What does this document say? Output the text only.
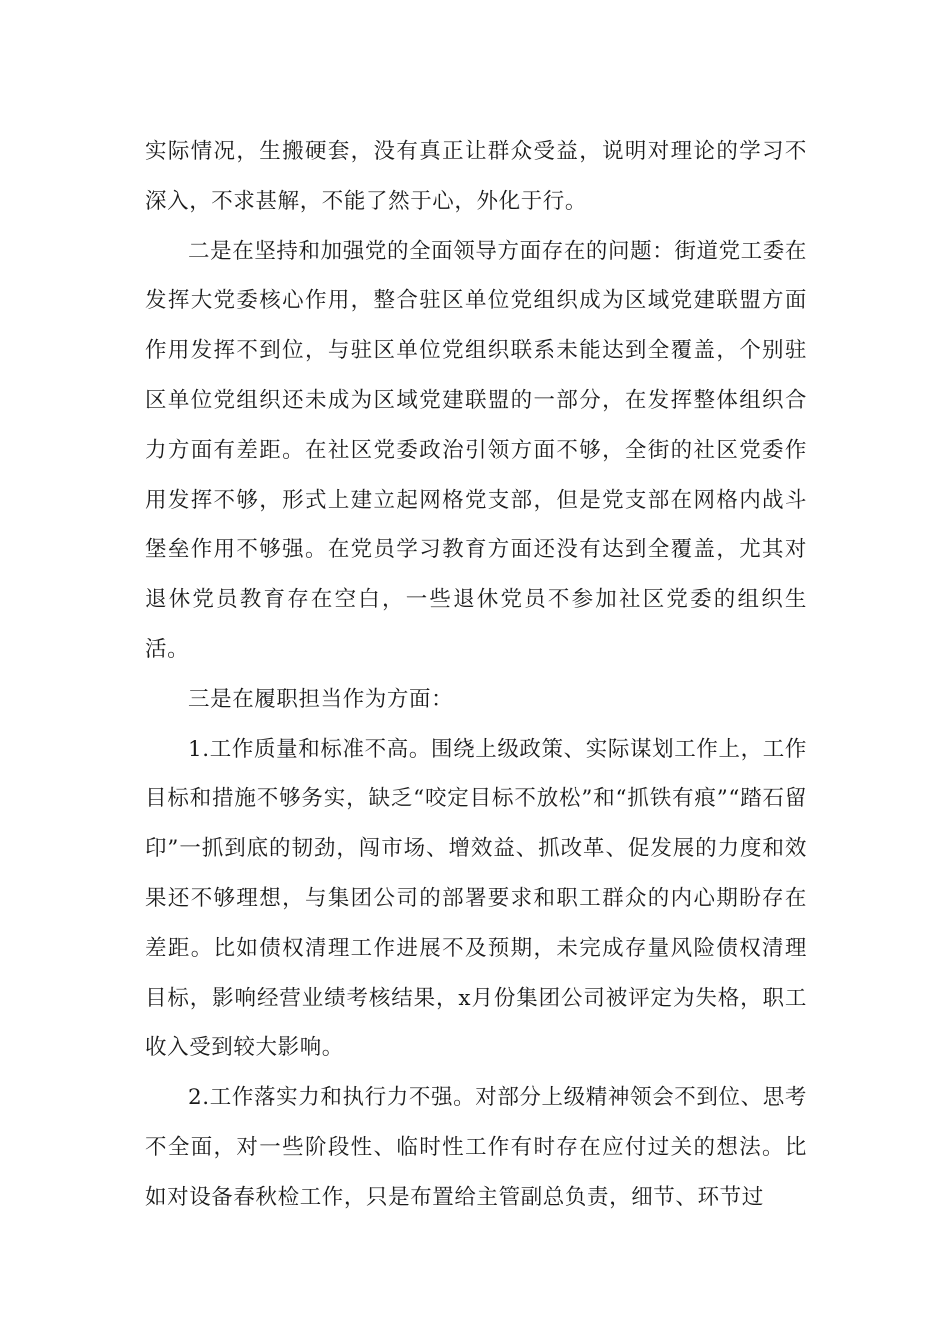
实际情况，生搬硬套，没有真正让群众受益，说明对理论的学习不深入，不求甚解，不能了然于心，外化于行。

二是在坚持和加强党的全面领导方面存在的问题：街道党工委在发挥大党委核心作用，整合驻区单位党组织成为区域党建联盟方面作用发挥不到位，与驻区单位党组织联系未能达到全覆盖，个别驻区单位党组织还未成为区域党建联盟的一部分，在发挥整体组织合力方面有差距。在社区党委政治引领方面不够，全街的社区党委作用发挥不够，形式上建立起网格党支部，但是党支部在网格内战斗堡垒作用不够强。在党员学习教育方面还没有达到全覆盖，尤其对退休党员教育存在空白，一些退休党员不参加社区党委的组织生活。

三是在履职担当作为方面：

1.工作质量和标准不高。围绕上级政策、实际谋划工作上，工作目标和措施不够务实，缺乏“咬定目标不放松”和“抓铁有痕”“踏石留印”一抓到底的韧劲，闯市场、增效益、抓改革、促发展的力度和效果还不够理想，与集团公司的部署要求和职工群众的内心期盼存在差距。比如债权清理工作进展不及预期，未完成存量风险债权清理目标，影响经营业绩考核结果，x月份集团公司被评定为失格，职工收入受到较大影响。

2.工作落实力和执行力不强。对部分上级精神领会不到位、思考不全面，对一些阶段性、临时性工作有时存在应付过关的想法。比如对设备春秋检工作，只是布置给主管副总负责，细节、环节过
